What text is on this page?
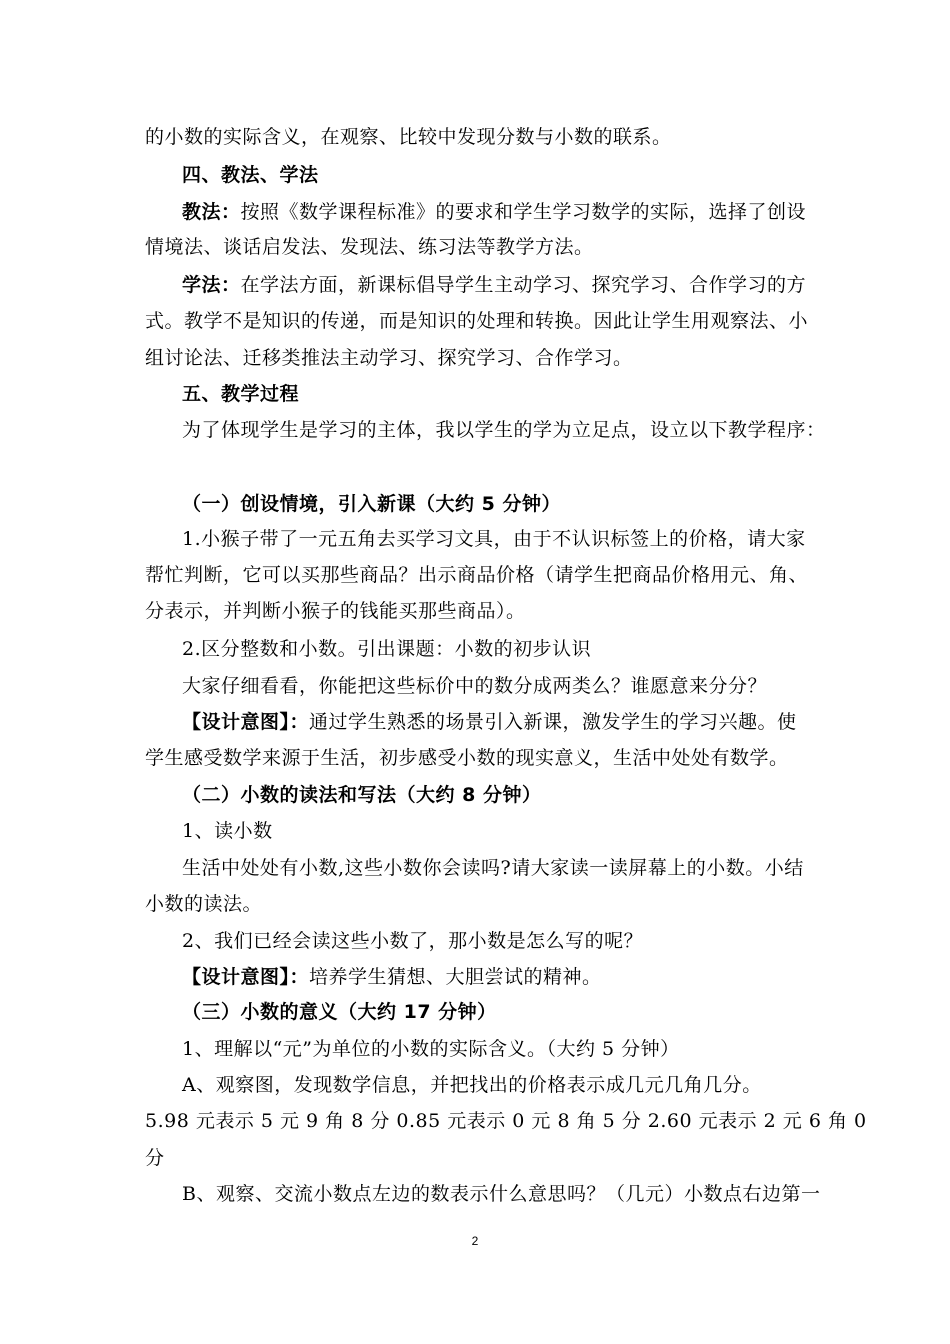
的小数的实际含义，在观察、比较中发现分数与小数的联系。
四、教法、学法
教法：按照《数学课程标准》的要求和学生学习数学的实际，选择了创设
情境法、谈话启发法、发现法、练习法等教学方法。
学法：在学法方面，新课标倡导学生主动学习、探究学习、合作学习的方
式。教学不是知识的传递，而是知识的处理和转换。因此让学生用观察法、小
组讨论法、迁移类推法主动学习、探究学习、合作学习。
五、教学过程
为了体现学生是学习的主体，我以学生的学为立足点，设立以下教学程序：
（一）创设情境，引入新课（大约 5 分钟）
1.小猴子带了一元五角去买学习文具，由于不认识标签上的价格，请大家
帮忙判断，它可以买那些商品？出示商品价格（请学生把商品价格用元、角、
分表示，并判断小猴子的钱能买那些商品）。
2.区分整数和小数。引出课题：小数的初步认识
大家仔细看看，你能把这些标价中的数分成两类么？谁愿意来分分？
【设计意图】：通过学生熟悉的场景引入新课，激发学生的学习兴趣。使
学生感受数学来源于生活，初步感受小数的现实意义，生活中处处有数学。
（二）小数的读法和写法（大约 8 分钟）
1、读小数
生活中处处有小数,这些小数你会读吗?请大家读一读屏幕上的小数。小结
小数的读法。
2、我们已经会读这些小数了，那小数是怎么写的呢？
【设计意图】：培养学生猜想、大胆尝试的精神。
（三）小数的意义（大约 17 分钟）
1、理解以“元”为单位的小数的实际含义。（大约 5 分钟）
A、观察图，发现数学信息，并把找出的价格表示成几元几角几分。
5.98 元表示 5 元 9 角 8 分 0.85 元表示 0 元 8 角 5 分 2.60 元表示 2 元 6 角 0
分
B、观察、交流小数点左边的数表示什么意思吗？（几元）小数点右边第一
2
